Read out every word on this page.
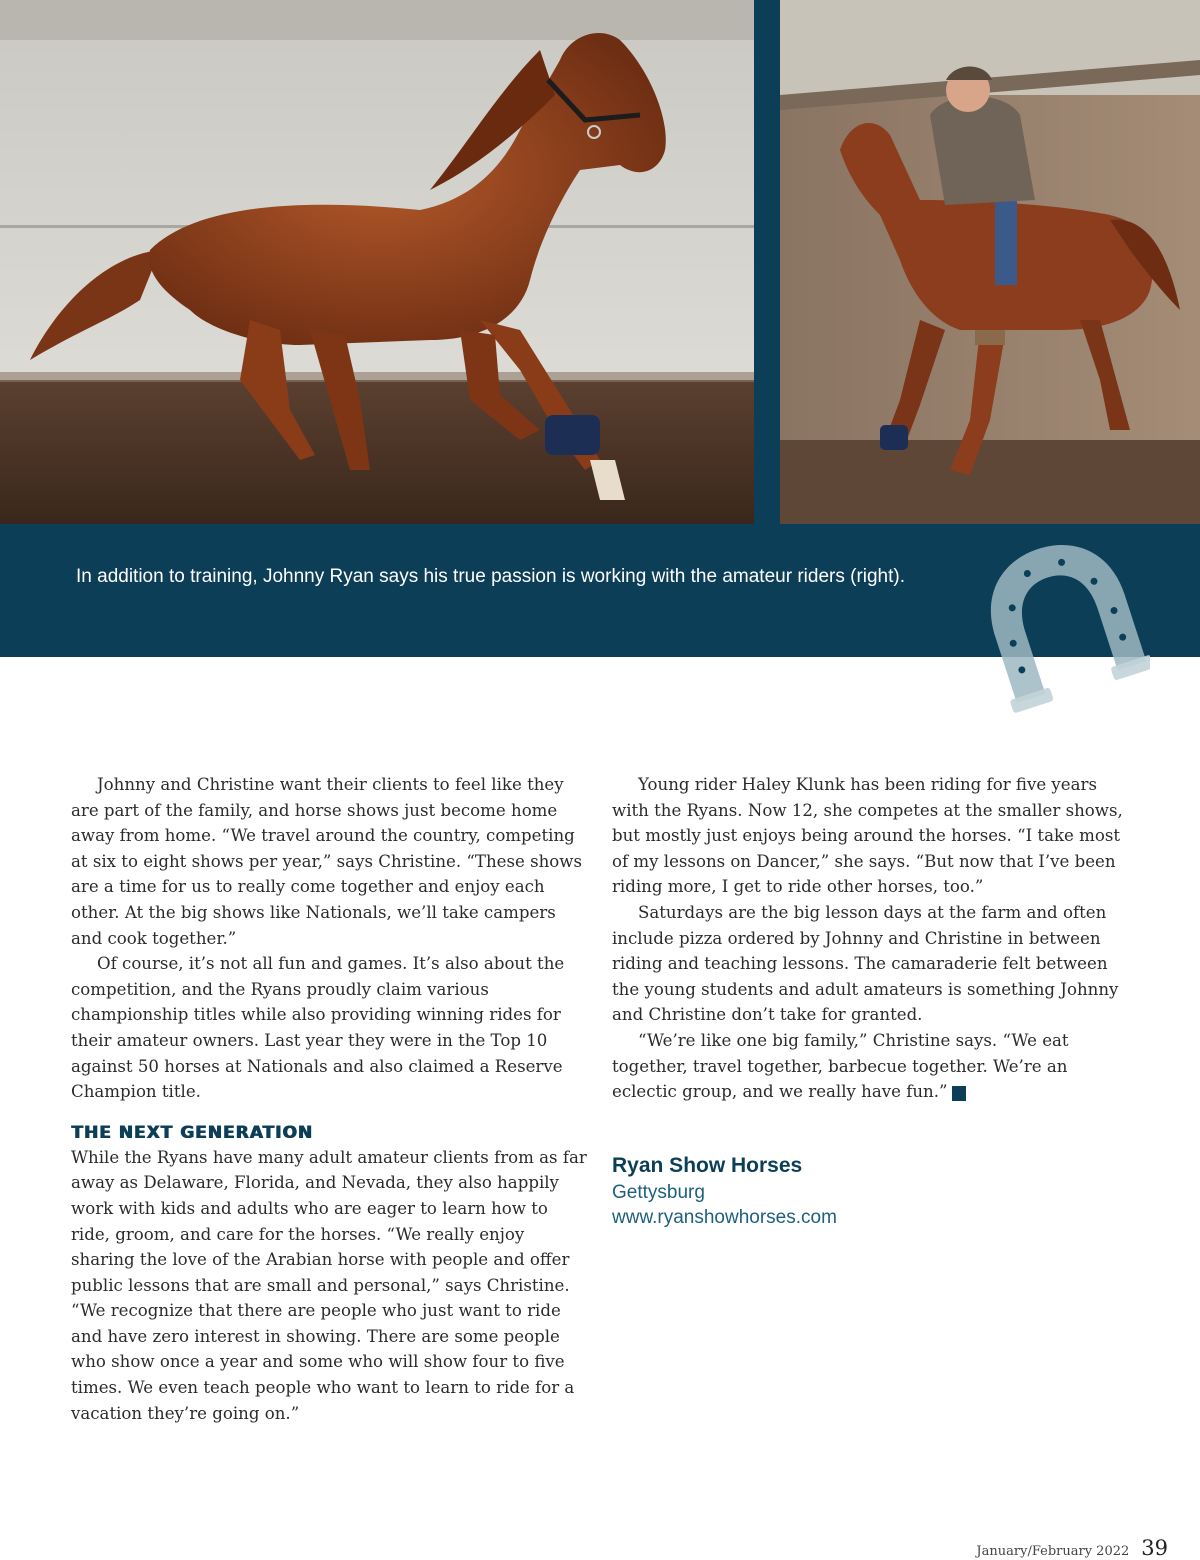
In addition to training, Johnny Ryan says his true passion is working with the amateur riders (right).

Johnny and Christine want their clients to feel like they are part of the family, and horse shows just become home away from home. “We travel around the country, competing at six to eight shows per year,” says Christine. “These shows are a time for us to really come together and enjoy each other. At the big shows like Nationals, we’ll take campers and cook together.”

Of course, it’s not all fun and games. It’s also about the competition, and the Ryans proudly claim various championship titles while also providing winning rides for their amateur owners. Last year they were in the Top 10 against 50 horses at Nationals and also claimed a Reserve Champion title.

THE NEXT GENERATION

While the Ryans have many adult amateur clients from as far away as Delaware, Florida, and Nevada, they also happily work with kids and adults who are eager to learn how to ride, groom, and care for the horses. “We really enjoy sharing the love of the Arabian horse with people and offer public lessons that are small and personal,” says Christine. “We recognize that there are people who just want to ride and have zero interest in showing. There are some people who show once a year and some who will show four to five times. We even teach people who want to learn to ride for a vacation they’re going on.”

Young rider Haley Klunk has been riding for five years with the Ryans. Now 12, she competes at the smaller shows, but mostly just enjoys being around the horses. “I take most of my lessons on Dancer,” she says. “But now that I’ve been riding more, I get to ride other horses, too.”

Saturdays are the big lesson days at the farm and often include pizza ordered by Johnny and Christine in between riding and teaching lessons. The camaraderie felt between the young students and adult amateurs is something Johnny and Christine don’t take for granted.

“We’re like one big family,” Christine says. “We eat together, travel together, barbecue together. We’re an eclectic group, and we really have fun.”	G

Ryan Show Horses
Gettysburg
www.ryanshowhorses.com
January/February 2022 39
